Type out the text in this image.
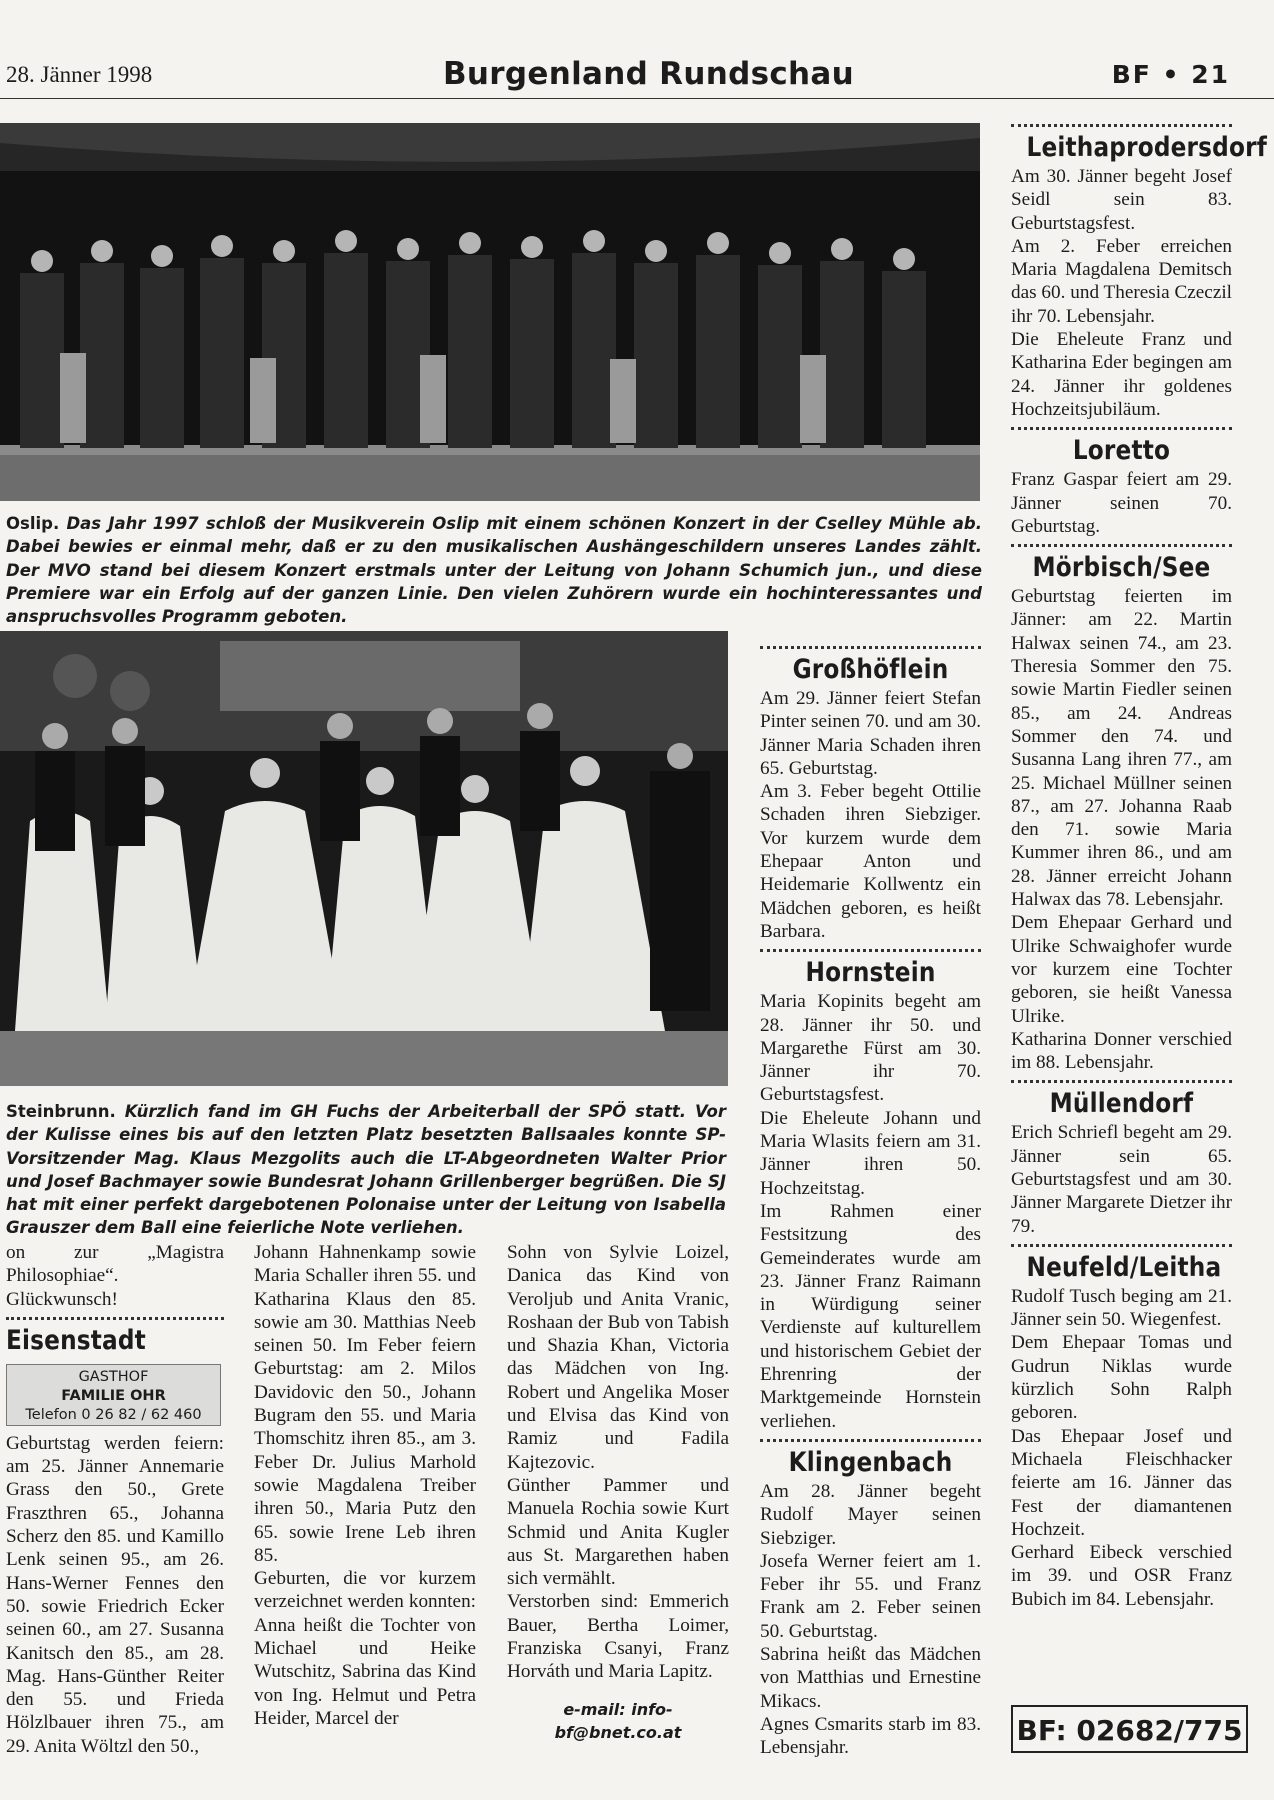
28. Jänner 1998	Burgenland Rundschau	BF • 21
Oslip. Das Jahr 1997 schloß der Musikverein Oslip mit einem schönen Konzert in der Cselley Mühle ab. Dabei bewies er einmal mehr, daß er zu den musikalischen Aushängeschildern unseres Landes zählt. Der MVO stand bei diesem Konzert erstmals unter der Leitung von Johann Schumich jun., und diese Premiere war ein Erfolg auf der ganzen Linie. Den vielen Zuhörern wurde ein hochinteressantes und anspruchsvolles Programm geboten.
Steinbrunn. Kürzlich fand im GH Fuchs der Arbeiterball der SPÖ statt. Vor der Kulisse eines bis auf den letzten Platz besetzten Ballsaales konnte SP-Vorsitzender Mag. Klaus Mezgolits auch die LT-Abgeordneten Walter Prior und Josef Bachmayer sowie Bundesrat Johann Grillenberger begrüßen. Die SJ hat mit einer perfekt dargebotenen Polonaise unter der Leitung von Isabella Grauszer dem Ball eine feierliche Note verliehen.

on zur „Magistra Philosophiae“. Glückwunsch!

Eisenstadt
GASTHOF
FAMILIE OHR
Telefon 0 26 82 / 62 460

Geburtstag werden feiern: am 25. Jänner Annemarie Grass den 50., Grete Fraszthren 65., Johanna Scherz den 85. und Kamillo Lenk seinen 95., am 26. Hans-Werner Fennes den 50. sowie Friedrich Ecker seinen 60., am 27. Susanna Kanitsch den 85., am 28. Mag. Hans-Günther Reiter den 55. und Frieda Hölzlbauer ihren 75., am 29. Anita Wöltzl den 50.,

Johann Hahnenkamp sowie Maria Schaller ihren 55. und Katharina Klaus den 85. sowie am 30. Matthias Neeb seinen 50. Im Feber feiern Geburtstag: am 2. Milos Davidovic den 50., Johann Bugram den 55. und Maria Thomschitz ihren 85., am 3. Feber Dr. Julius Marhold sowie Magdalena Treiber ihren 50., Maria Putz den 65. sowie Irene Leb ihren 85.

Geburten, die vor kurzem verzeichnet werden konnten: Anna heißt die Tochter von Michael und Heike Wutschitz, Sabrina das Kind von Ing. Helmut und Petra Heider, Marcel der

Sohn von Sylvie Loizel, Danica das Kind von Veroljub und Anita Vranic, Roshaan der Bub von Tabish und Shazia Khan, Victoria das Mädchen von Ing. Robert und Angelika Moser und Elvisa das Kind von Ramiz und Fadila Kajtezovic.

Günther Pammer und Manuela Rochia sowie Kurt Schmid und Anita Kugler aus St. Margarethen haben sich vermählt.

Verstorben sind: Emmerich Bauer, Bertha Loimer, Franziska Csanyi, Franz Horváth und Maria Lapitz.

e-mail: info-bf@bnet.co.at
Großhöflein

Am 29. Jänner feiert Stefan Pinter seinen 70. und am 30. Jänner Maria Schaden ihren 65. Geburtstag.

Am 3. Feber begeht Ottilie Schaden ihren Siebziger. Vor kurzem wurde dem Ehepaar Anton und Heidemarie Kollwentz ein Mädchen geboren, es heißt Barbara.

Hornstein

Maria Kopinits begeht am 28. Jänner ihr 50. und Margarethe Fürst am 30. Jänner ihr 70. Geburtstagsfest.

Die Eheleute Johann und Maria Wlasits feiern am 31. Jänner ihren 50. Hochzeitstag.

Im Rahmen einer Festsitzung des Gemeinderates wurde am 23. Jänner Franz Raimann in Würdigung seiner Verdienste auf kulturellem und historischem Gebiet der Ehrenring der Marktgemeinde Hornstein verliehen.

Klingenbach

Am 28. Jänner begeht Rudolf Mayer seinen Siebziger.

Josefa Werner feiert am 1. Feber ihr 55. und Franz Frank am 2. Feber seinen 50. Geburtstag.

Sabrina heißt das Mädchen von Matthias und Ernestine Mikacs.

Agnes Csmarits starb im 83. Lebensjahr.

Leithaprodersdorf

Am 30. Jänner begeht Josef Seidl sein 83. Geburtstagsfest.

Am 2. Feber erreichen Maria Magdalena Demitsch das 60. und Theresia Czeczil ihr 70. Lebensjahr.

Die Eheleute Franz und Katharina Eder begingen am 24. Jänner ihr goldenes Hochzeitsjubiläum.

Loretto

Franz Gaspar feiert am 29. Jänner seinen 70. Geburtstag.

Mörbisch/See

Geburtstag feierten im Jänner: am 22. Martin Halwax seinen 74., am 23. Theresia Sommer den 75. sowie Martin Fiedler seinen 85., am 24. Andreas Sommer den 74. und Susanna Lang ihren 77., am 25. Michael Müllner seinen 87., am 27. Johanna Raab den 71. sowie Maria Kummer ihren 86., und am 28. Jänner erreicht Johann Halwax das 78. Lebensjahr.

Dem Ehepaar Gerhard und Ulrike Schwaighofer wurde vor kurzem eine Tochter geboren, sie heißt Vanessa Ulrike.

Katharina Donner verschied im 88. Lebensjahr.

Müllendorf

Erich Schriefl begeht am 29. Jänner sein 65. Geburtstagsfest und am 30. Jänner Margarete Dietzer ihr 79.

Neufeld/Leitha

Rudolf Tusch beging am 21. Jänner sein 50. Wiegenfest.

Dem Ehepaar Tomas und Gudrun Niklas wurde kürzlich Sohn Ralph geboren.

Das Ehepaar Josef und Michaela Fleischhacker feierte am 16. Jänner das Fest der diamantenen Hochzeit.

Gerhard Eibeck verschied im 39. und OSR Franz Bubich im 84. Lebensjahr.

BF: 02682/775
